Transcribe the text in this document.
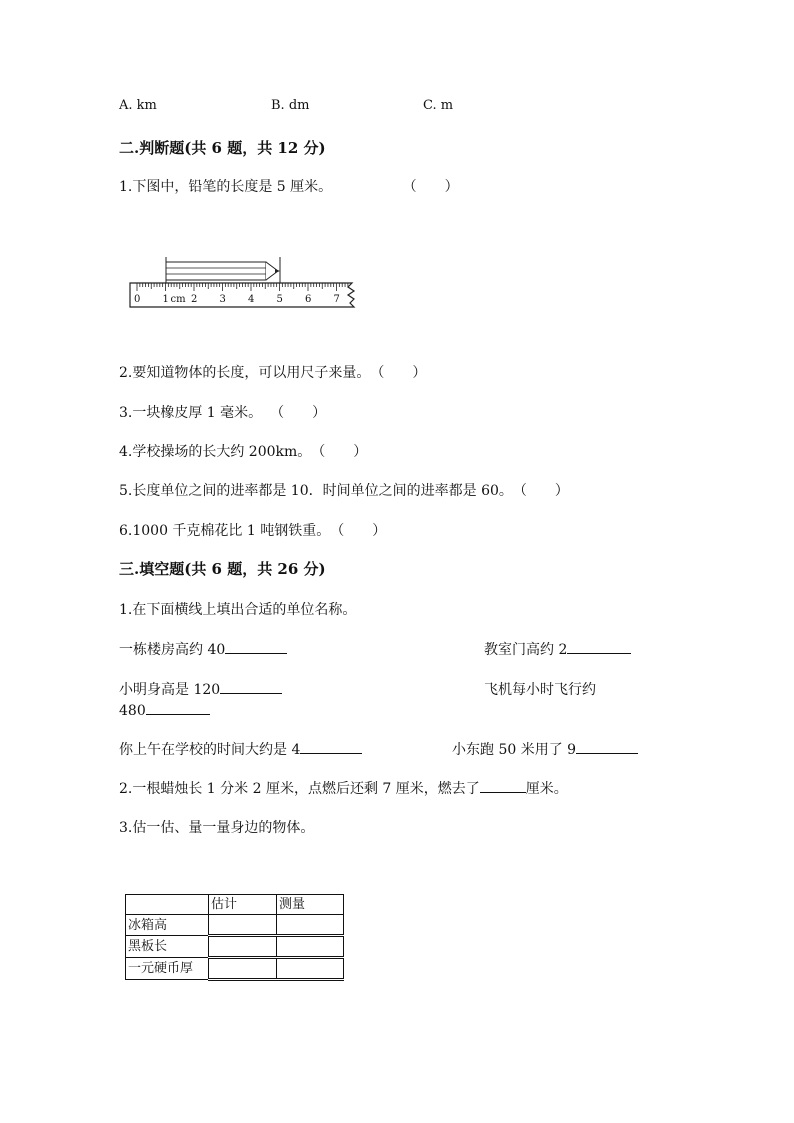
A. km	B. dm	C. m
二.判断题(共 6 题，共 12 分)
1.下图中，铅笔的长度是 5 厘米。	（　　）
0 1 2 3 4 5 6 7
cm
2.要知道物体的长度，可以用尺子来量。（　　）
3.一块橡皮厚 1 毫米。 （　　）
4.学校操场的长大约 200km。（　　）
5.长度单位之间的进率都是 10．时间单位之间的进率都是 60。（　　）
6.1000 千克棉花比 1 吨钢铁重。（　　）
三.填空题(共 6 题，共 26 分)
1.在下面横线上填出合适的单位名称。
一栋楼房高约 40	教室门高约 2
小明身高是 120	飞机每小时飞行约
480
你上午在学校的时间大约是 4	小东跑 50 米用了 9
2.一根蜡烛长 1 分米 2 厘米，点燃后还剩 7 厘米，燃去了	厘米。
3.估一估、量一量身边的物体。
	估计	测量
冰箱高		
黑板长		
一元硬币厚		
